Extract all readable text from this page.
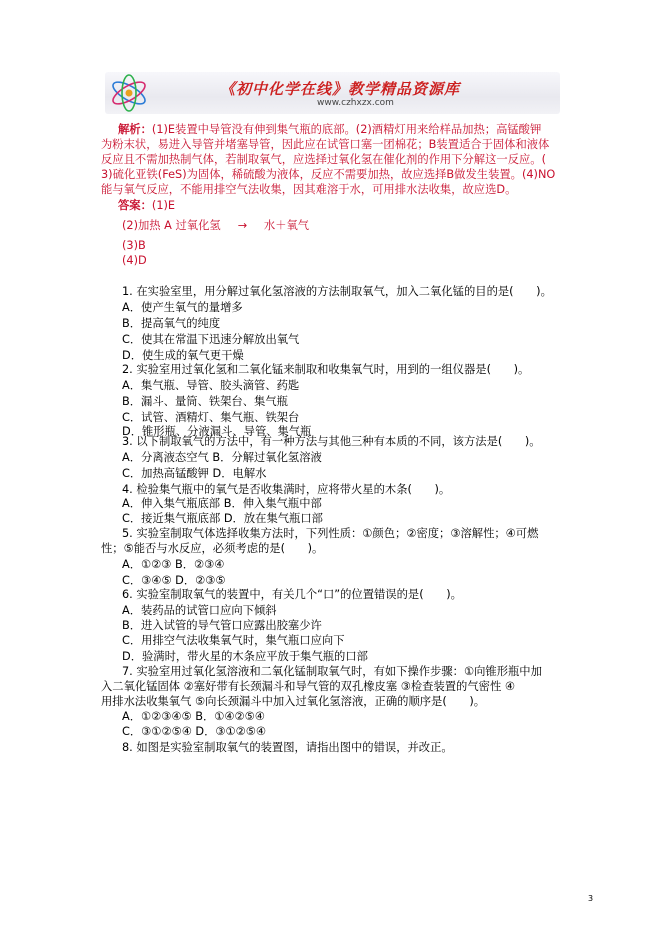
《初中化学在线》教学精品资源库
www.czhxzx.com
解析：(1)E装置中导管没有伸到集气瓶的底部。(2)酒精灯用来给样品加热；高锰酸钾
为粉末状，易进入导管并堵塞导管，因此应在试管口塞一团棉花；B装置适合于固体和液体
反应且不需加热制气体，若制取氧气，应选择过氧化氢在催化剂的作用下分解这一反应。(
3)硫化亚铁(FeS)为固体，稀硫酸为液体，反应不需要加热，故应选择B做发生装置。(4)NO
能与氧气反应，不能用排空气法收集，因其难溶于水，可用排水法收集，故应选D。
答案：(1)E
(2)加热 A 过氧化氢 → 水＋氧气
(3)B
(4)D
1. 在实验室里，用分解过氧化氢溶液的方法制取氧气，加入二氧化锰的目的是(　　)。
A．使产生氧气的量增多
B．提高氧气的纯度
C．使其在常温下迅速分解放出氧气
D．使生成的氧气更干燥
2. 实验室用过氧化氢和二氧化锰来制取和收集氧气时，用到的一组仪器是(　　)。
A．集气瓶、导管、胶头滴管、药匙
B．漏斗、量筒、铁架台、集气瓶
C．试管、酒精灯、集气瓶、铁架台
D．锥形瓶、分液漏斗、导管、集气瓶
3. 以下制取氧气的方法中，有一种方法与其他三种有本质的不同，该方法是(　　)。
A．分离液态空气 B．分解过氧化氢溶液
C．加热高锰酸钾 D．电解水
4. 检验集气瓶中的氧气是否收集满时，应将带火星的木条(　　)。
A．伸入集气瓶底部 B．伸入集气瓶中部
C．接近集气瓶底部 D．放在集气瓶口部
5. 实验室制取气体选择收集方法时，下列性质：①颜色；②密度；③溶解性；④可燃
性；⑤能否与水反应，必须考虑的是(　　)。
A．①②③ B．②③④
C．③④⑤ D．②③⑤
6. 实验室制取氧气的装置中，有关几个“口”的位置错误的是(　　)。
A．装药品的试管口应向下倾斜
B．进入试管的导气管口应露出胶塞少许
C．用排空气法收集氧气时，集气瓶口应向下
D．验满时，带火星的木条应平放于集气瓶的口部
7. 实验室用过氧化氢溶液和二氧化锰制取氧气时，有如下操作步骤：①向锥形瓶中加
入二氧化锰固体 ②塞好带有长颈漏斗和导气管的双孔橡皮塞 ③检查装置的气密性 ④
用排水法收集氧气 ⑤向长颈漏斗中加入过氧化氢溶液，正确的顺序是(　　)。
A．①②③④⑤ B．①④②⑤④
C．③①②⑤④ D．③①②⑤④
8. 如图是实验室制取氧气的装置图，请指出图中的错误，并改正。
3
